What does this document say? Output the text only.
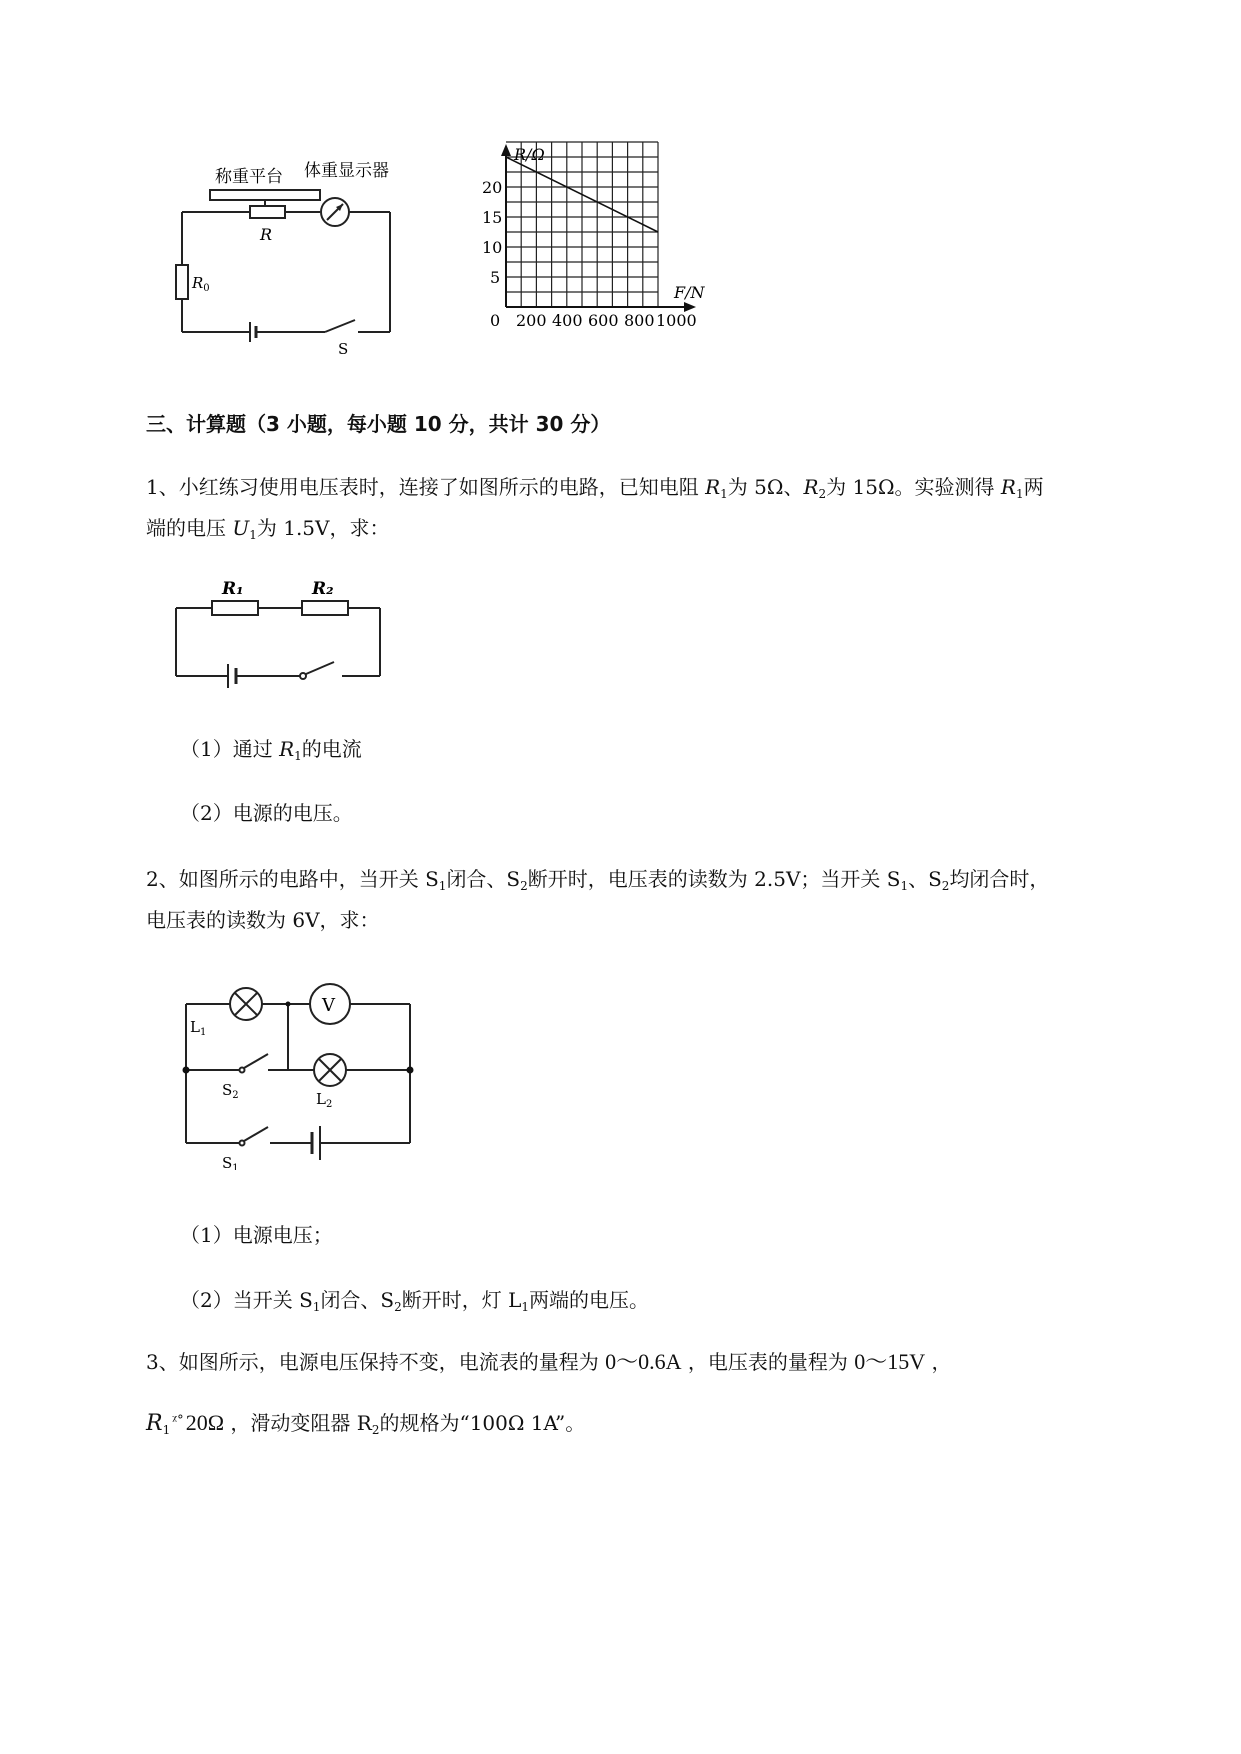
称重平台 体重显示器
R
$R_0$
S
R/Ω
F/N
20
15
10
5
0 200 400 600 800 1000
三、计算题（3 小题，每小题 10 分，共计 30 分）
1、小红练习使用电压表时，连接了如图所示的电路，已知电阻 $R_1$为 5Ω、$R_2$为 15Ω。实验测得 $R_1$两
端的电压 $U_1$为 1.5V，求：
R₁	R₂
（1）通过 $R_1$的电流
（2）电源的电压。
2、如图所示的电路中，当开关 $S_1$闭合、$S_2$断开时，电压表的读数为 2.5V；当开关 $S_1$、$S_2$均闭合时，
电压表的读数为 6V，求：
V
$L_1$
$L_2$
$S_2$
$S_1$
（1）电源电压；
（2）当开关 $S_1$闭合、$S_2$断开时，灯 $L_1$两端的电压。
3、如图所示，电源电压保持不变，电流表的量程为 0～0.6A ，电压表的量程为 0～15V ，
$R_1^{ᵡ^\circ}20\Omega$ ，滑动变阻器 $R_2$的规格为“100Ω 1A”。
